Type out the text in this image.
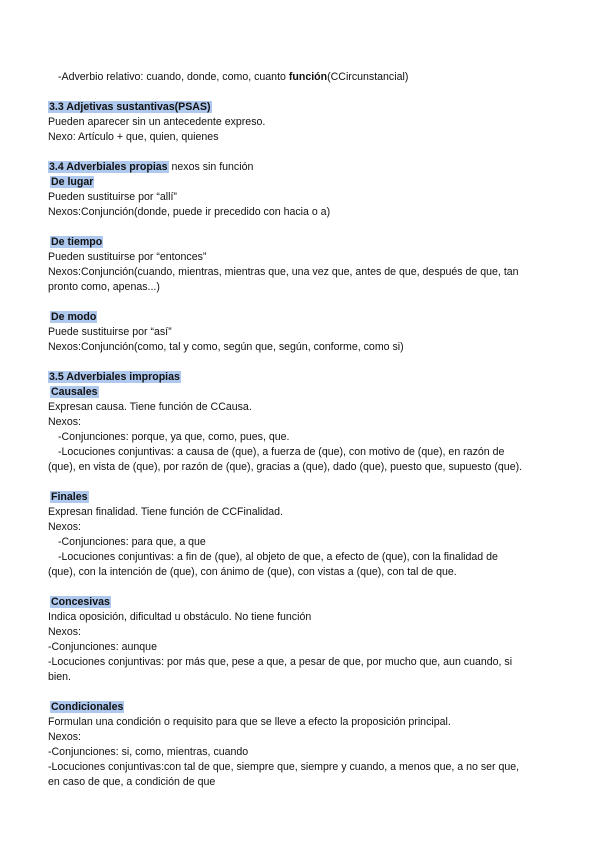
-Adverbio relativo: cuando, donde, como, cuanto función(CCircunstancial)
3.3 Adjetivas sustantivas(PSAS)
Pueden aparecer sin un antecedente expreso.
Nexo: Artículo + que, quien, quienes
3.4 Adverbiales propias nexos sin función
De lugar
Pueden sustituirse por “allí”
Nexos:Conjunción(donde, puede ir precedido con hacia o a)
De tiempo
Pueden sustituirse por “entonces”
Nexos:Conjunción(cuando, mientras, mientras que, una vez que, antes de que, después de que, tan
pronto como, apenas...)
De modo
Puede sustituirse por “así”
Nexos:Conjunción(como, tal y como, según que, según, conforme, como si)
3.5 Adverbiales impropias
Causales
Expresan causa. Tiene función de CCausa.
Nexos:
-Conjunciones: porque, ya que, como, pues, que.
-Locuciones conjuntivas: a causa de (que), a fuerza de (que), con motivo de (que), en razón de
(que), en vista de (que), por razón de (que), gracias a (que), dado (que), puesto que, supuesto (que).
Finales
Expresan finalidad. Tiene función de CCFinalidad.
Nexos:
-Conjunciones: para que, a que
-Locuciones conjuntivas: a fin de (que), al objeto de que, a efecto de (que), con la finalidad de
(que), con la intención de (que), con ánimo de (que), con vistas a (que), con tal de que.
Concesivas
Indica oposición, dificultad u obstáculo. No tiene función
Nexos:
-Conjunciones: aunque
-Locuciones conjuntivas: por más que, pese a que, a pesar de que, por mucho que, aun cuando, si
bien.
Condicionales
Formulan una condición o requisito para que se lleve a efecto la proposición principal.
Nexos:
-Conjunciones: si, como, mientras, cuando
-Locuciones conjuntivas:con tal de que, siempre que, siempre y cuando, a menos que, a no ser que,
en caso de que, a condición de que
